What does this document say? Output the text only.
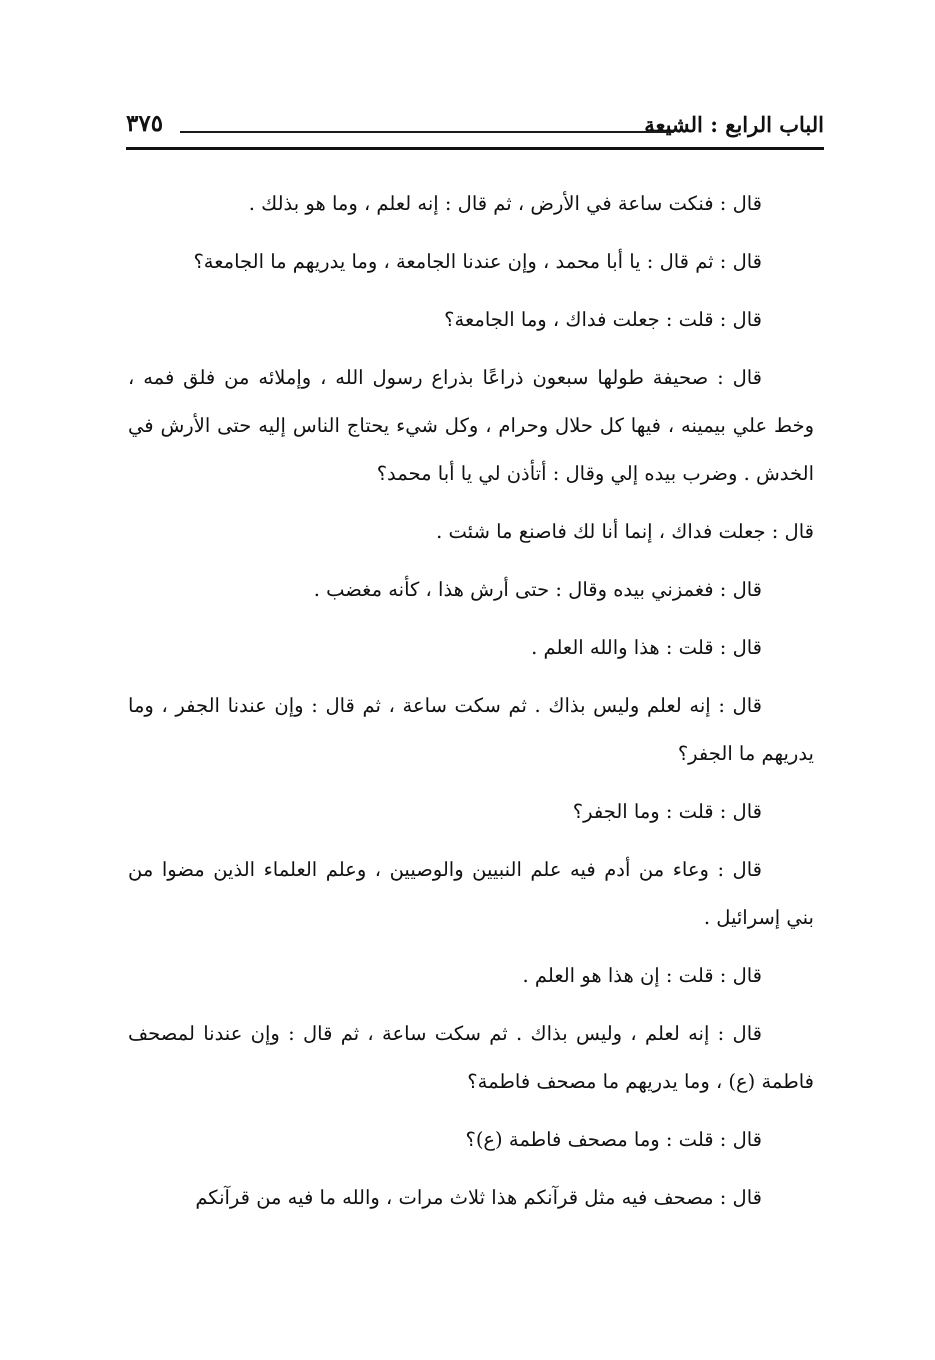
الباب الرابع : الشيعة
٣٧٥

قال : فنكت ساعة في الأرض ، ثم قال : إنه لعلم ، وما هو بذلك .

قال : ثم قال : يا أبا محمد ، وإن عندنا الجامعة ، وما يدريهم ما الجامعة؟

قال : قلت : جعلت فداك ، وما الجامعة؟

قال : صحيفة طولها سبعون ذراعًا بذراع رسول الله ، وإملائه من فلق فمه ، وخط علي بيمينه ، فيها كل حلال وحرام ، وكل شيء يحتاج الناس إليه حتى الأرش في الخدش . وضرب بيده إلي وقال : أتأذن لي يا أبا محمد؟

قال : جعلت فداك ، إنما أنا لك فاصنع ما شئت .

قال : فغمزني بيده وقال : حتى أرش هذا ، كأنه مغضب .

قال : قلت : هذا والله العلم .

قال : إنه لعلم وليس بذاك . ثم سكت ساعة ، ثم قال : وإن عندنا الجفر ، وما يدريهم ما الجفر؟

قال : قلت : وما الجفر؟

قال : وعاء من أدم فيه علم النبيين والوصيين ، وعلم العلماء الذين مضوا من بني إسرائيل .

قال : قلت : إن هذا هو العلم .

قال : إنه لعلم ، وليس بذاك . ثم سكت ساعة ، ثم قال : وإن عندنا لمصحف فاطمة (ع) ، وما يدريهم ما مصحف فاطمة؟

قال : قلت : وما مصحف فاطمة (ع)؟

قال : مصحف فيه مثل قرآنكم هذا ثلاث مرات ، والله ما فيه من قرآنكم
